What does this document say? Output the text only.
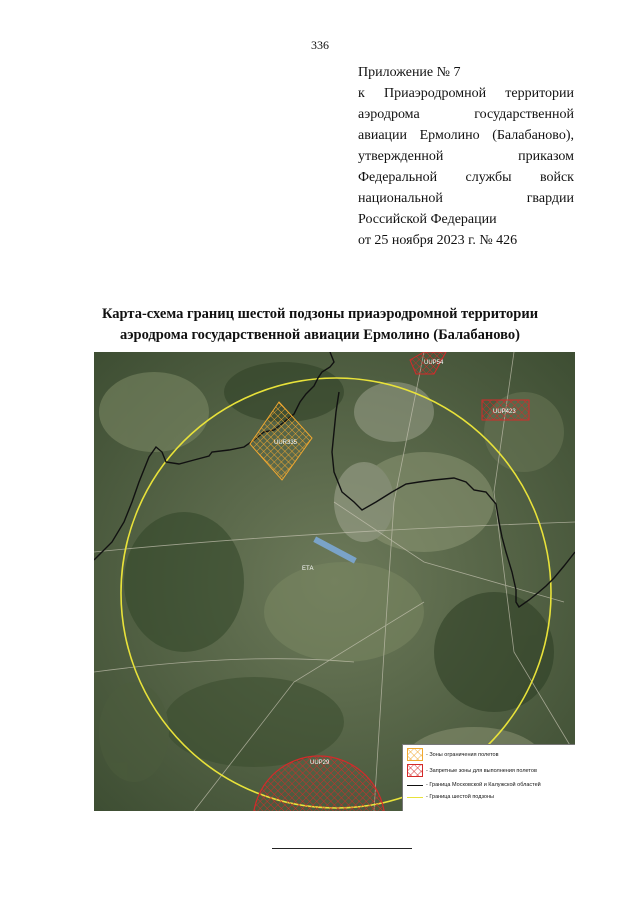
336
Приложение № 7
к Приаэродромной территории
аэродрома	государственной
авиации Ермолино (Балабаново),
утвержденной	приказом
Федеральной службы войск
национальной	гвардии
Российской Федерации
от 25 ноября 2023 г. № 426
Карта-схема границ шестой подзоны приаэродромной территории
аэродрома государственной авиации Ермолино (Балабаново)
UUR335
UUP54
UUP423
UUP29
ЕТА
- Зоны ограничения полетов
- Запретные зоны для выполнения полетов
- Граница Московской и Калужской областей
- Граница шестой подзоны
